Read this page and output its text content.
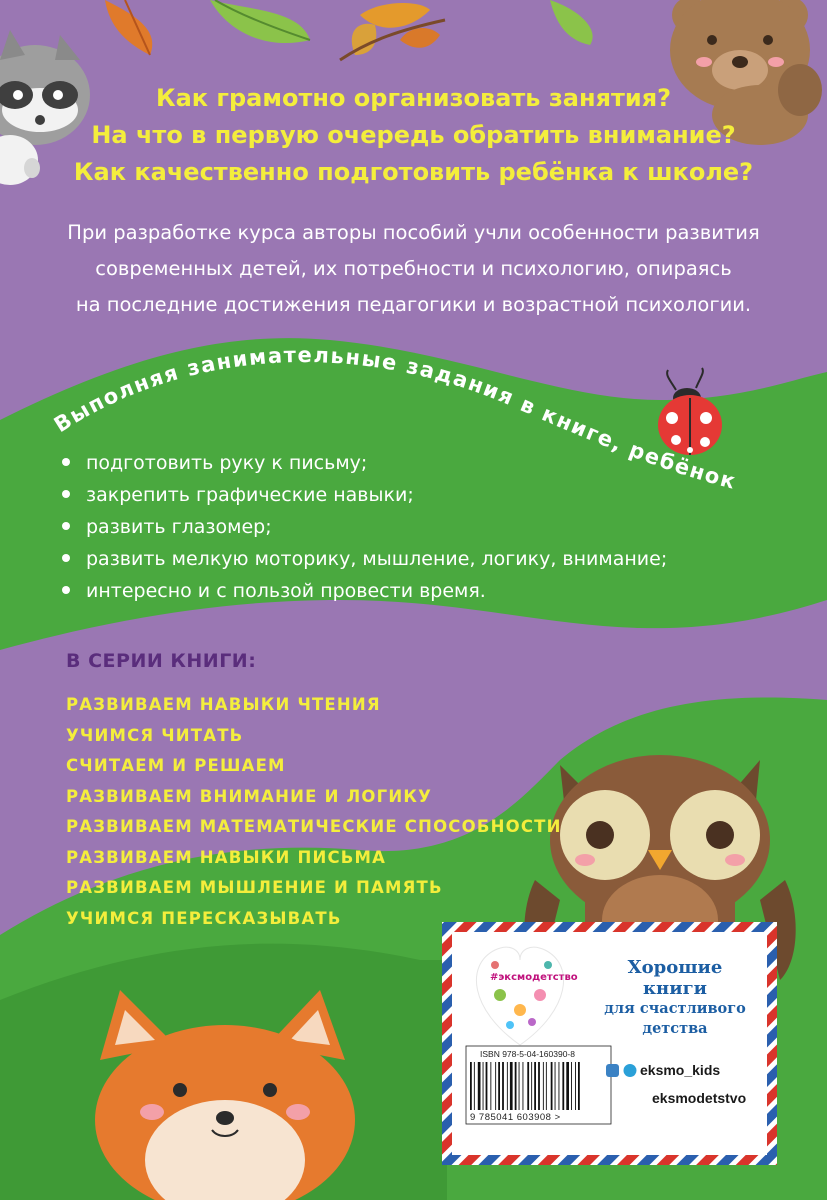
Как грамотно организовать занятия?
На что в первую очередь обратить внимание?
Как качественно подготовить ребёнка к школе?
При разработке курса авторы пособий учли особенности развития
современных детей, их потребности и психологию, опираясь
на последние достижения педагогики и возрастной психологии.
Выполняя занимательные задания в книге, ребёнок
подготовить руку к письму;
закрепить графические навыки;
развить глазомер;
развить мелкую моторику, мышление, логику, внимание;
интересно и с пользой провести время.
В СЕРИИ КНИГИ:
РАЗВИВАЕМ НАВЫКИ ЧТЕНИЯ
УЧИМСЯ ЧИТАТЬ
СЧИТАЕМ И РЕШАЕМ
РАЗВИВАЕМ ВНИМАНИЕ И ЛОГИКУ
РАЗВИВАЕМ МАТЕМАТИЧЕСКИЕ СПОСОБНОСТИ
РАЗВИВАЕМ НАВЫКИ ПИСЬМА
РАЗВИВАЕМ МЫШЛЕНИЕ И ПАМЯТЬ
УЧИМСЯ ПЕРЕСКАЗЫВАТЬ
#эксмодетство	Хорошие
книги
для счастливого
детства
ISBN 978-5-04-160390-8
9 785041 603908 >
eksmo_kids
eksmodetstvo
